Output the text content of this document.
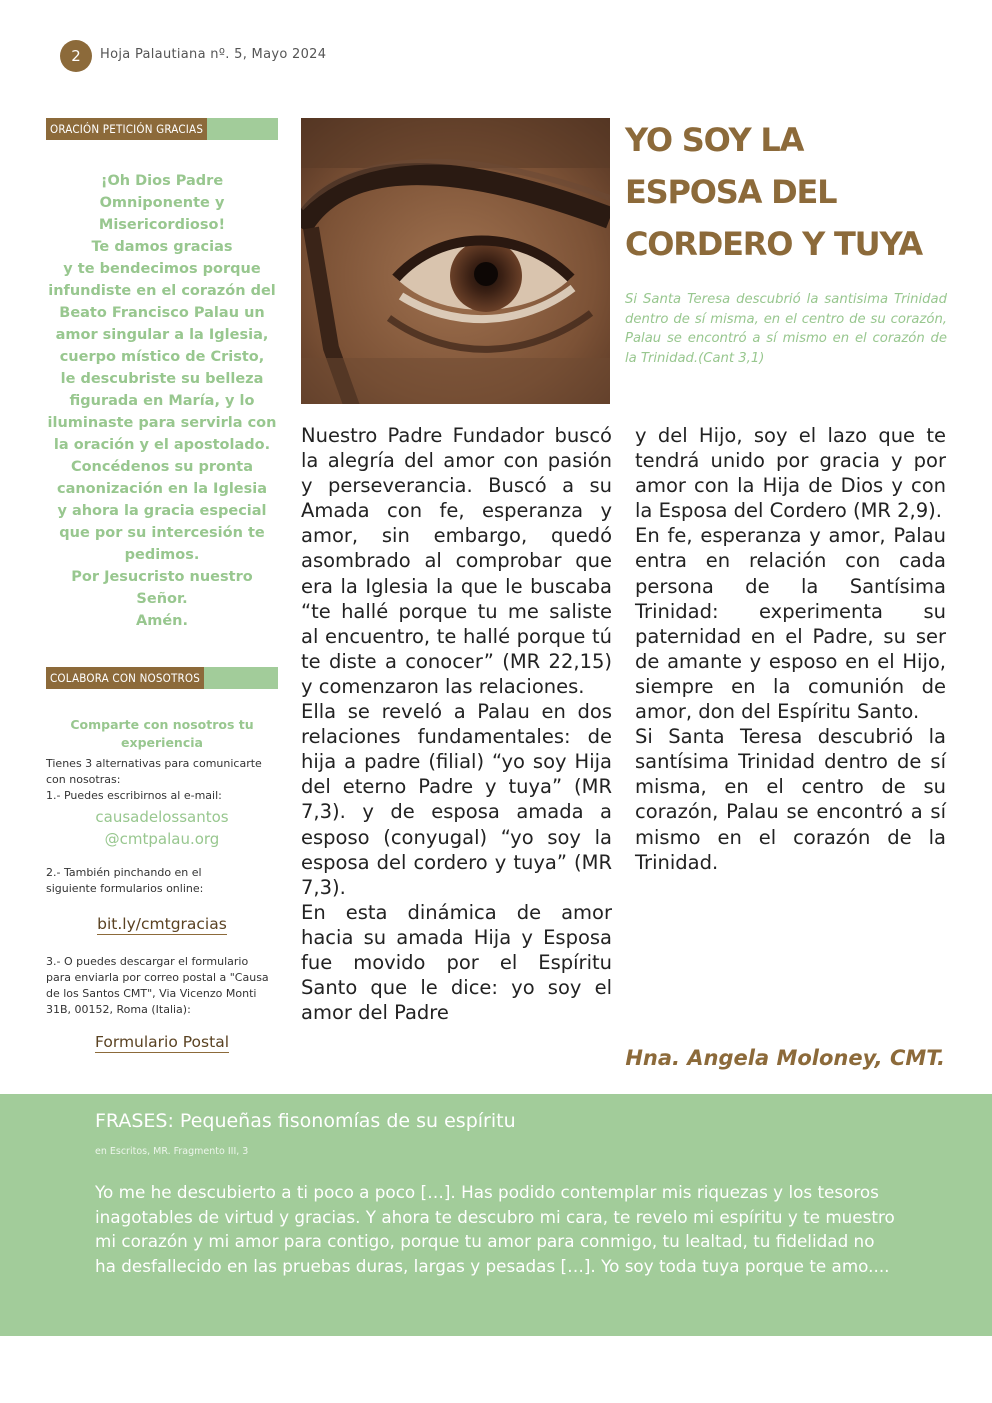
2	Hoja Palautiana nº. 5, Mayo 2024
ORACIÓN PETICIÓN GRACIAS
¡Oh Dios Padre
Omniponente y
Misericordioso!
Te damos gracias
y te bendecimos porque
infundiste en el corazón del
Beato Francisco Palau un
amor singular a la Iglesia,
cuerpo místico de Cristo,
le descubriste su belleza
figurada en María, y lo
iluminaste para servirla con
la oración y el apostolado.
Concédenos su pronta
canonización en la Iglesia
y ahora la gracia especial
que por su intercesión te
pedimos.
Por Jesucristo nuestro
Señor.
Amén.
COLABORA CON NOSOTROS
Comparte con nosotros tu
experiencia
Tienes 3 alternativas para comunicarte
con nosotras:
1.- Puedes escribirnos al e-mail:
causadelossantos
@cmtpalau.org
2.- También pinchando en el
siguiente formularios online:
bit.ly/cmtgracias
3.- O puedes descargar el formulario
para enviarla por correo postal a "Causa
de los Santos CMT", Via Vicenzo Monti
31B, 00152, Roma (Italia):
Formulario Postal
YO SOY LA
ESPOSA DEL
CORDERO Y TUYA
Si Santa Teresa descubrió la santisima Trinidad dentro de sí misma, en el centro de su corazón, Palau se encontró a sí mismo en el corazón de la Trinidad.(Cant 3,1)

Nuestro Padre Fundador buscó la alegría del amor con pasión y perseverancia. Buscó a su Amada con fe, esperanza y amor, sin embargo, quedó asombrado al comprobar que era la Iglesia la que le buscaba “te hallé porque tu me saliste al encuentro, te hallé porque tú te diste a conocer” (MR 22,15) y comenzaron las relaciones.

Ella se reveló a Palau en dos relaciones fundamentales: de hija a padre (filial) “yo soy Hija del eterno Padre y tuya” (MR 7,3). y de esposa amada a esposo (conyugal) “yo soy la esposa del cordero y tuya” (MR 7,3).

En esta dinámica de amor hacia su amada Hija y Esposa fue movido por el Espíritu Santo que le dice: yo soy el amor del Padre

y del Hijo, soy el lazo que te tendrá unido por gracia y por amor con la Hija de Dios y con la Esposa del Cordero (MR 2,9).

En fe, esperanza y amor, Palau entra en relación con cada persona de la Santísima Trinidad: experimenta su paternidad en el Padre, su ser de amante y esposo en el Hijo, siempre en la comunión de amor, don del Espíritu Santo.

Si Santa Teresa descubrió la santísima Trinidad dentro de sí misma, en el centro de su corazón, Palau se encontró a sí mismo en el corazón de la Trinidad.

Hna. Angela Moloney, CMT.
FRASES: Pequeñas fisonomías de su espíritu
en Escritos, MR. Fragmento III, 3
Yo me he descubierto a ti poco a poco […]. Has podido contemplar mis riquezas y los tesoros
inagotables de virtud y gracias. Y ahora te descubro mi cara, te revelo mi espíritu y te muestro
mi corazón y mi amor para contigo, porque tu amor para conmigo, tu lealtad, tu fidelidad no
ha desfallecido en las pruebas duras, largas y pesadas […]. Yo soy toda tuya porque te amo....
